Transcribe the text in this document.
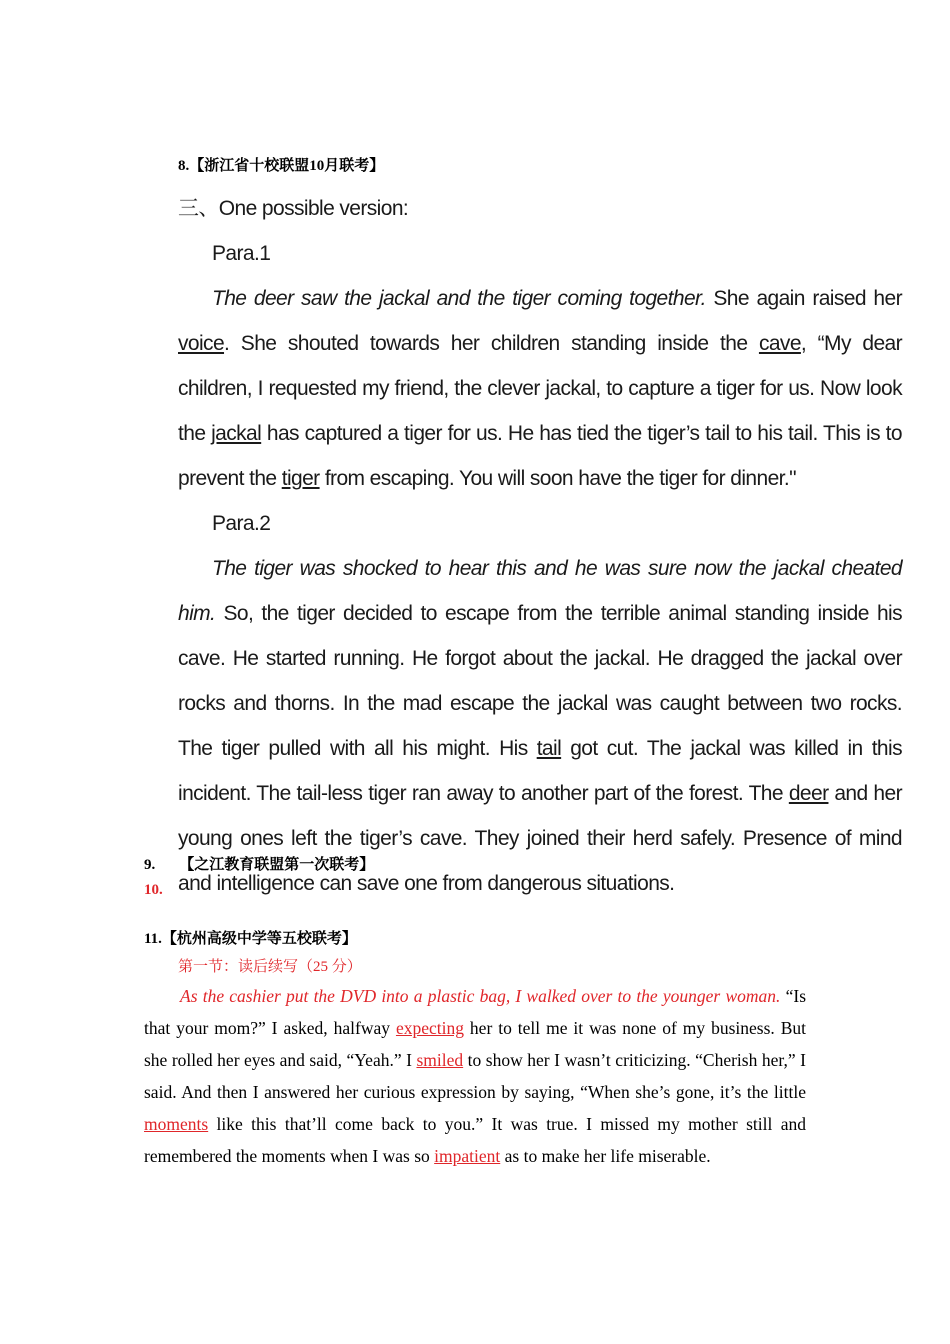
8.【浙江省十校联盟10月联考】

三、One possible version:

Para.1

The deer saw the jackal and the tiger coming together. She again raised her voice. She shouted towards her children standing inside the cave, “My dear children, I requested my friend, the clever jackal, to capture a tiger for us. Now look the jackal has captured a tiger for us. He has tied the tiger’s tail to his tail. This is to prevent the tiger from escaping. You will soon have the tiger for dinner."

Para.2

The tiger was shocked to hear this and he was sure now the jackal cheated him. So, the tiger decided to escape from the terrible animal standing inside his cave. He started running. He forgot about the jackal. He dragged the jackal over rocks and thorns. In the mad escape the jackal was caught between two rocks. The tiger pulled with all his might. His tail got cut. The jackal was killed in this incident. The tail-less tiger ran away to another part of the forest. The deer and her young ones left the tiger’s cave. They joined their herd safely. Presence of mind and intelligence can save one from dangerous situations.

9. 【之江教育联盟第一次联考】
10.
11.【杭州高级中学等五校联考】
第一节：读后续写（25 分）

As the cashier put the DVD into a plastic bag, I walked over to the younger woman. “Is that your mom?” I asked, halfway expecting her to tell me it was none of my business. But she rolled her eyes and said, “Yeah.” I smiled to show her I wasn’t criticizing. “Cherish her,” I said. And then I answered her curious expression by saying, “When she’s gone, it’s the little moments like this that’ll come back to you.” It was true. I missed my mother still and remembered the moments when I was so impatient as to make her life miserable.
